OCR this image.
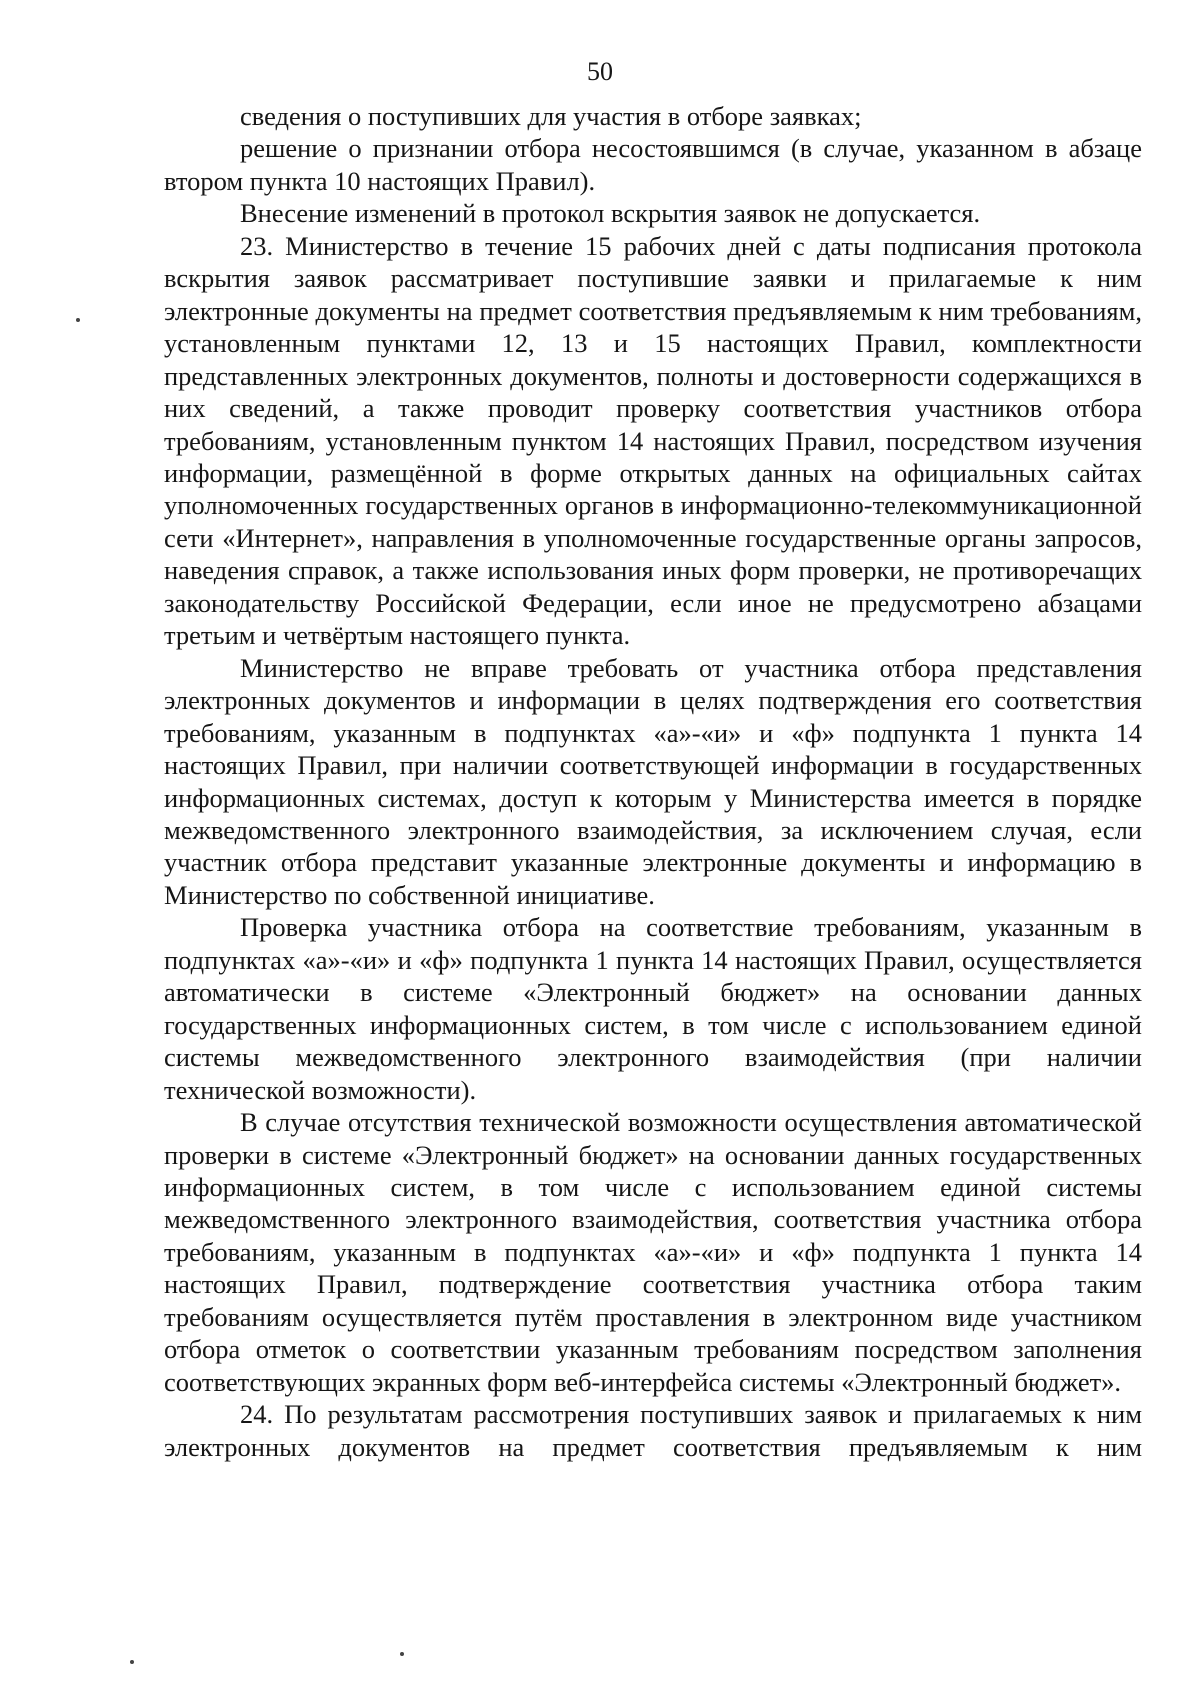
50

сведения о поступивших для участия в отборе заявках;

решение о признании отбора несостоявшимся (в случае, указанном в абзаце втором пункта 10 настоящих Правил).

Внесение изменений в протокол вскрытия заявок не допускается.

23. Министерство в течение 15 рабочих дней с даты подписания протокола вскрытия заявок рассматривает поступившие заявки и прилагаемые к ним электронные документы на предмет соответствия предъявляемым к ним требованиям, установленным пунктами 12, 13 и 15 настоящих Правил, комплектности представленных электронных документов, полноты и достоверности содержащихся в них сведений, а также проводит проверку соответствия участников отбора требованиям, установленным пунктом 14 настоящих Правил, посредством изучения информации, размещённой в форме открытых данных на официальных сайтах уполномоченных государственных органов в информационно-телекоммуникационной сети «Интернет», направления в уполномоченные государственные органы запросов, наведения справок, а также использования иных форм проверки, не противоречащих законодательству Российской Федерации, если иное не предусмотрено абзацами третьим и четвёртым настоящего пункта.

Министерство не вправе требовать от участника отбора представления электронных документов и информации в целях подтверждения его соответствия требованиям, указанным в подпунктах «а»-«и» и «ф» подпункта 1 пункта 14 настоящих Правил, при наличии соответствующей информации в государственных информационных системах, доступ к которым у Министерства имеется в порядке межведомственного электронного взаимодействия, за исключением случая, если участник отбора представит указанные электронные документы и информацию в Министерство по собственной инициативе.

Проверка участника отбора на соответствие требованиям, указанным в подпунктах «а»-«и» и «ф» подпункта 1 пункта 14 настоящих Правил, осуществляется автоматически в системе «Электронный бюджет» на основании данных государственных информационных систем, в том числе с использованием единой системы межведомственного электронного взаимодействия (при наличии технической возможности).

В случае отсутствия технической возможности осуществления автоматической проверки в системе «Электронный бюджет» на основании данных государственных информационных систем, в том числе с использованием единой системы межведомственного электронного взаимодействия, соответствия участника отбора требованиям, указанным в подпунктах «а»-«и» и «ф» подпункта 1 пункта 14 настоящих Правил, подтверждение соответствия участника отбора таким требованиям осуществляется путём проставления в электронном виде участником отбора отметок о соответствии указанным требованиям посредством заполнения соответствующих экранных форм веб-интерфейса системы «Электронный бюджет».

24. По результатам рассмотрения поступивших заявок и прилагаемых к ним электронных документов на предмет соответствия предъявляемым к ним
